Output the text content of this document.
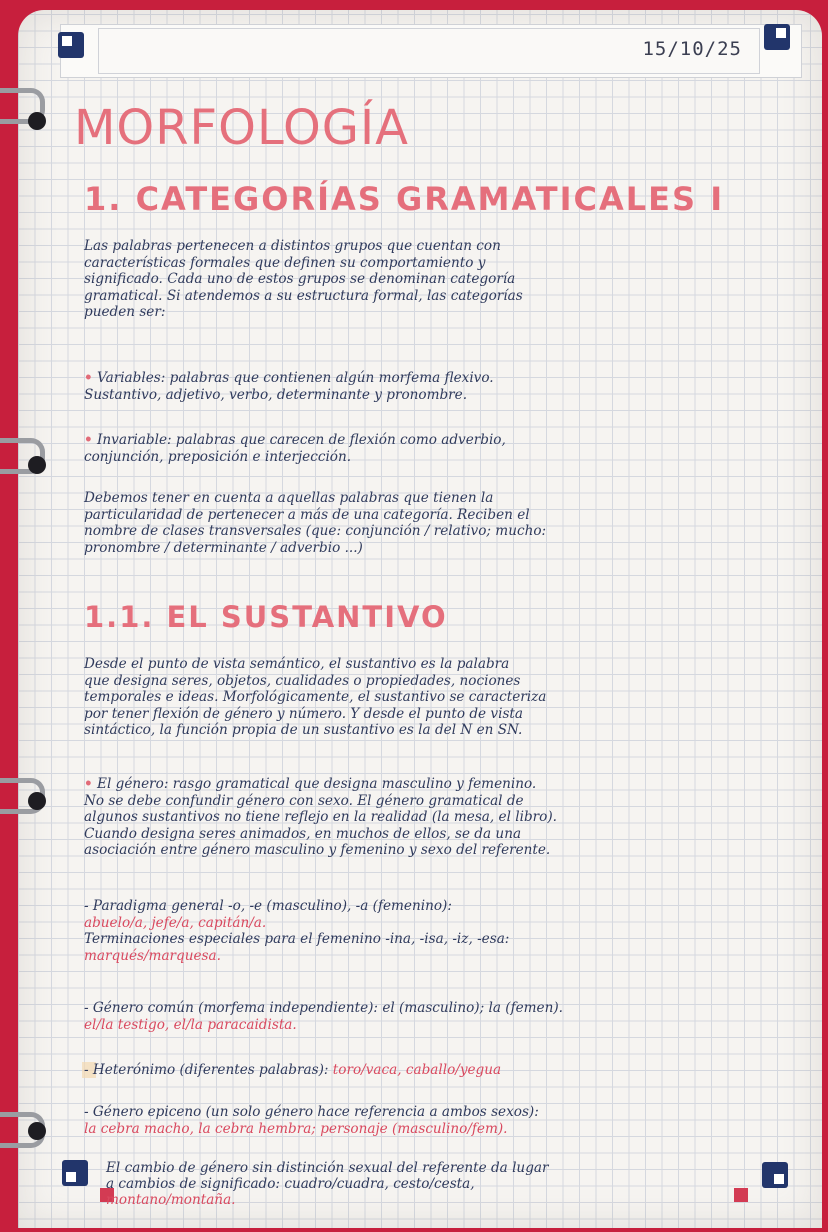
15/10/25
MORFOLOGÍA
1. CATEGORÍAS GRAMATICALES I

Las palabras pertenecen a distintos grupos que cuentan con
características formales que definen su comportamiento y
significado. Cada uno de estos grupos se denominan categoría
gramatical. Si atendemos a su estructura formal, las categorías
pueden ser:

• Variables: palabras que contienen algún morfema flexivo.
Sustantivo, adjetivo, verbo, determinante y pronombre.

• Invariable: palabras que carecen de flexión como adverbio,
conjunción, preposición e interjección.

Debemos tener en cuenta a aquellas palabras que tienen la
particularidad de pertenecer a más de una categoría. Reciben el
nombre de clases transversales (que: conjunción / relativo; mucho:
pronombre / determinante / adverbio ...)

1.1. EL SUSTANTIVO

Desde el punto de vista semántico, el sustantivo es la palabra
que designa seres, objetos, cualidades o propiedades, nociones
temporales e ideas. Morfológicamente, el sustantivo se caracteriza
por tener flexión de género y número. Y desde el punto de vista
sintáctico, la función propia de un sustantivo es la del N en SN.

• El género: rasgo gramatical que designa masculino y femenino.
No se debe confundir género con sexo. El género gramatical de
algunos sustantivos no tiene reflejo en la realidad (la mesa, el libro).
Cuando designa seres animados, en muchos de ellos, se da una
asociación entre género masculino y femenino y sexo del referente.

- Paradigma general -o, -e (masculino), -a (femenino):
abuelo/a, jefe/a, capitán/a.
Terminaciones especiales para el femenino -ina, -isa, -iz, -esa:
marqués/marquesa.

- Género común (morfema independiente): el (masculino); la (femen).
el/la testigo, el/la paracaidista.

- Heterónimo (diferentes palabras): toro/vaca, caballo/yegua

- Género epiceno (un solo género hace referencia a ambos sexos):
la cebra macho, la cebra hembra; personaje (masculino/fem).

El cambio de género sin distinción sexual del referente da lugar
a cambios de significado: cuadro/cuadra, cesto/cesta,
montano/montaña.
